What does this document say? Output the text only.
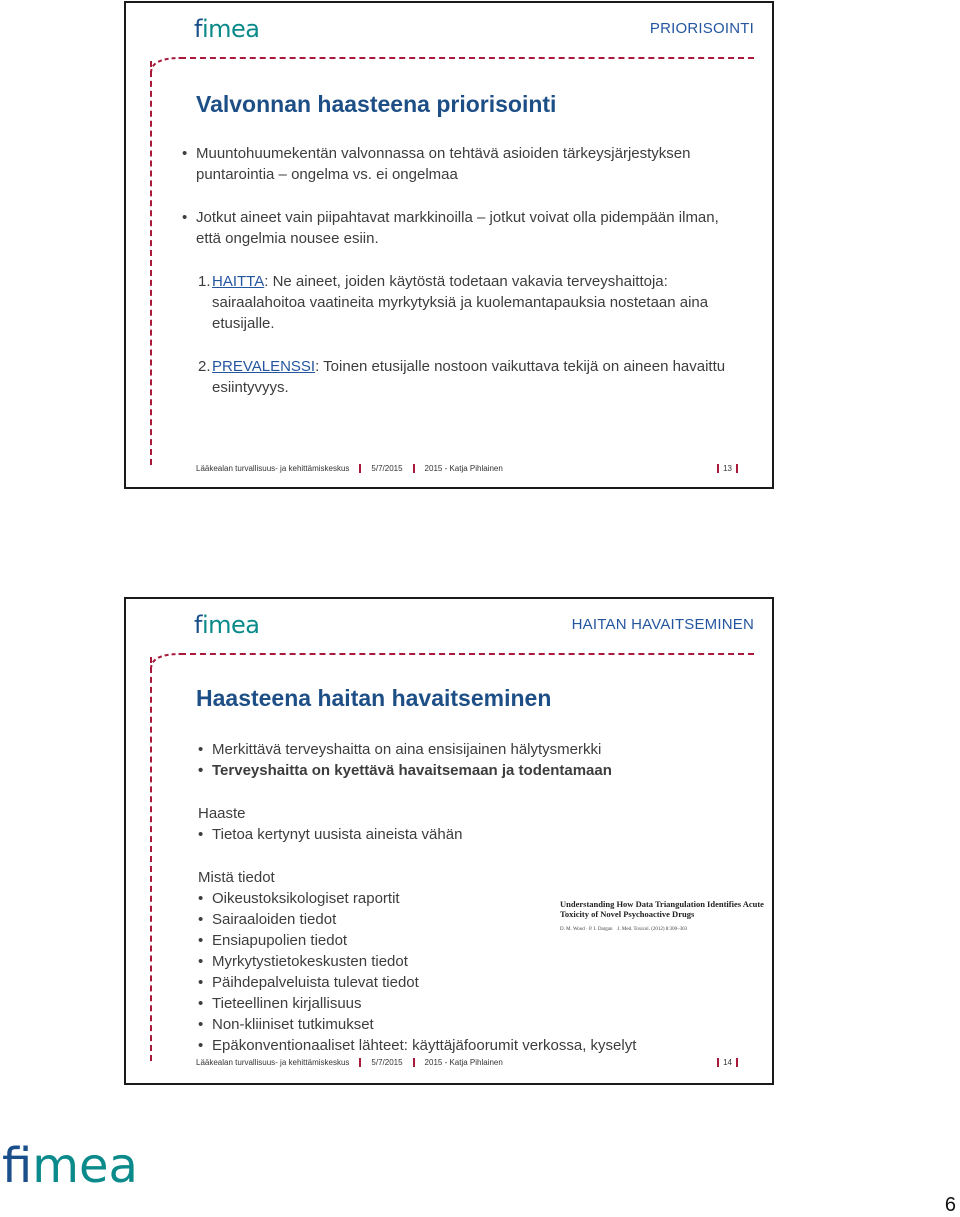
fimea	PRIORISOINTI
Valvonnan haasteena priorisointi
• Muuntohuumekentän valvonnassa on tehtävä asioiden tärkeysjärjestyksen puntarointia – ongelma vs. ei ongelmaa
• Jotkut aineet vain piipahtavat markkinoilla – jotkut voivat olla pidempään ilman, että ongelmia nousee esiin.
1. HAITTA: Ne aineet, joiden käytöstä todetaan vakavia terveyshaittoja: sairaalahoitoa vaatineita myrkytyksiä ja kuolemantapauksia nostetaan aina etusijalle.
2. PREVALENSSI: Toinen etusijalle nostoon vaikuttava tekijä on aineen havaittu esiintyvyys.
Lääkealan turvallisuus- ja kehittämiskeskus	5/7/2015	2015 - Katja Pihlainen	13
fimea	HAITAN HAVAITSEMINEN
Haasteena haitan havaitseminen
• Merkittävä terveyshaitta on aina ensisijainen hälytysmerkki
• Terveyshaitta on kyettävä havaitsemaan ja todentamaan
Haaste
• Tietoa kertynyt uusista aineista vähän
Mistä tiedot
• Oikeustoksikologiset raportit
• Sairaaloiden tiedot
• Ensiapupolien tiedot
• Myrkytystietokeskusten tiedot
• Päihdepalveluista tulevat tiedot
• Tieteellinen kirjallisuus
• Non-kliiniset tutkimukset
• Epäkonventionaaliset lähteet: käyttäjäfoorumit verkossa, kyselyt
Understanding How Data Triangulation Identifies Acute Toxicity of Novel Psychoactive Drugs
D. M. Wood · P. I. Dargan J. Med. Toxicol. (2012) 8:300–303
Lääkealan turvallisuus- ja kehittämiskeskus	5/7/2015	2015 - Katja Pihlainen	14
fimea
6
